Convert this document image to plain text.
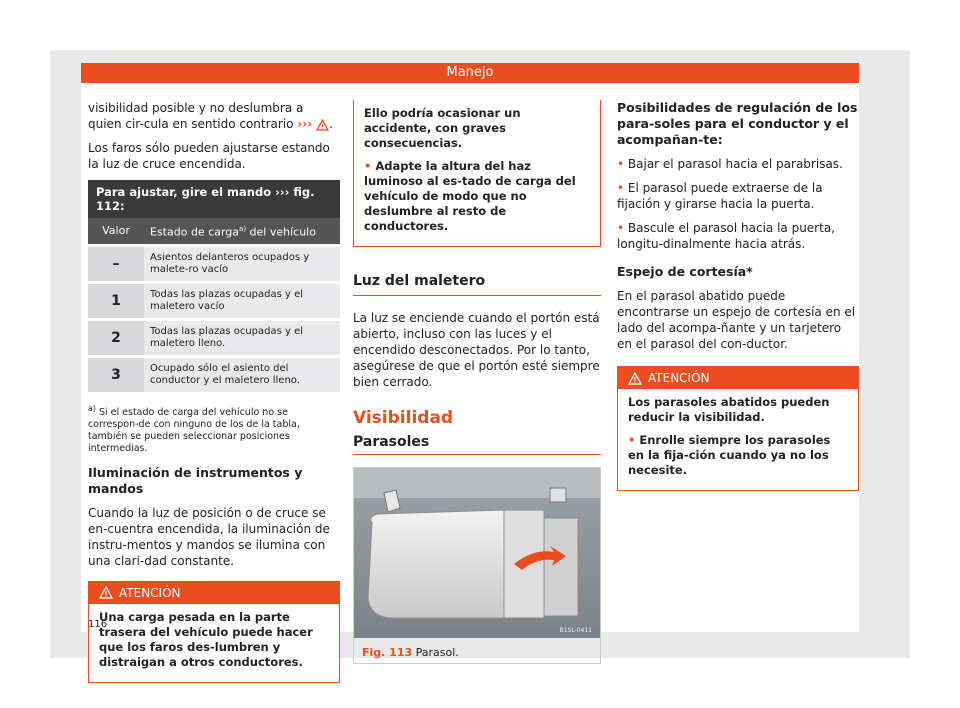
Manejo

visibilidad posible y no deslumbra a quien cir-cula en sentido contrario ››› .

Los faros sólo pueden ajustarse estando la luz de cruce encendida.

Para ajustar, gire el mando ››› fig. 112:	
Valor	Estado de carga$^{a)}$ del vehículo
–	Asientos delanteros ocupados y malete-ro vacío
1	Todas las plazas ocupadas y el maletero vacío
2	Todas las plazas ocupadas y el maletero lleno.
3	Ocupado sólo el asiento del conductor y el maletero lleno.

$^{a)}$ Si el estado de carga del vehículo no se correspon-de con ninguno de los de la tabla, también se pueden seleccionar posiciones intermedias.

Iluminación de instrumentos y mandos

Cuando la luz de posición o de cruce se en-cuentra encendida, la iluminación de instru-mentos y mandos se ilumina con una clari-dad constante.

ATENCIÓN

Una carga pesada en la parte trasera del vehículo puede hacer que los faros des-lumbren y distraigan a otros conductores.

Ello podría ocasionar un accidente, con graves consecuencias.

• Adapte la altura del haz luminoso al es-tado de carga del vehículo de modo que no deslumbre al resto de conductores.

Luz del maletero

La luz se enciende cuando el portón está abierto, incluso con las luces y el encendido desconectados. Por lo tanto, asegúrese de que el portón esté siempre bien cerrado.

Visibilidad
Parasoles
B1SL-0411
Fig. 113 Parasol.

Posibilidades de regulación de los para-soles para el conductor y el acompañan-te:

• Bajar el parasol hacia el parabrisas.

• El parasol puede extraerse de la fijación y girarse hacia la puerta.

• Bascule el parasol hacia la puerta, longitu-dinalmente hacia atrás.

Espejo de cortesía*

En el parasol abatido puede encontrarse un espejo de cortesía en el lado del acompa-ñante y un tarjetero en el parasol del con-ductor.

ATENCIÓN

Los parasoles abatidos pueden reducir la visibilidad.

• Enrolle siempre los parasoles en la fija-ción cuando ya no los necesite.

116
